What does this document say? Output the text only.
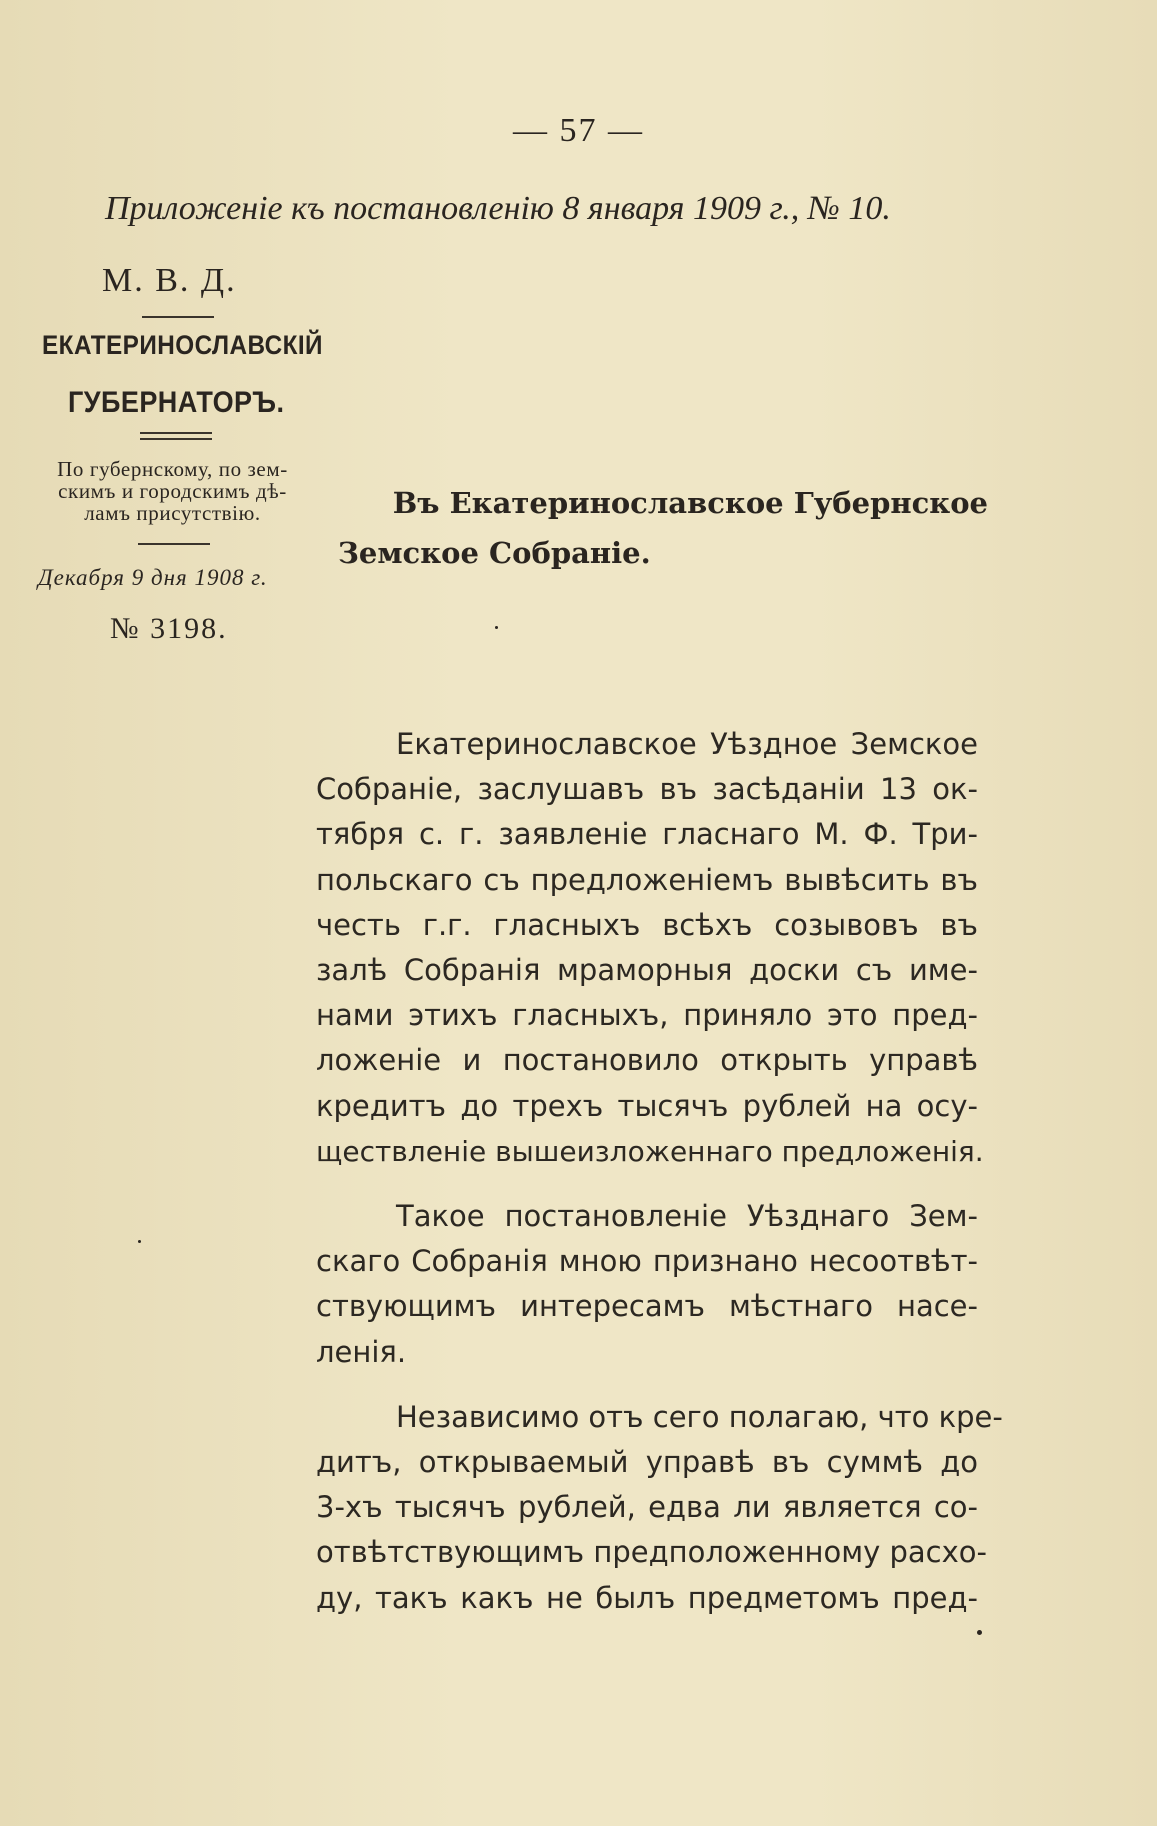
— 57 —
Приложеніе къ постановленію 8 января 1909 г., № 10.
М. В. Д.
ЕКАТЕРИНОСЛАВСКІЙ
ГУБЕРНАТОРЪ.
По губернскому, по зем-
скимъ и городскимъ дѣ-
ламъ присутствію.
Декабря 9 дня 1908 г.
№ 3198.
Въ Екатеринославское Губернское
Земское Собраніе.
Екатеринославское Уѣздное Земское
Собраніе, заслушавъ въ засѣданіи 13 ок-
тября с. г. заявленіе гласнаго М. Ф. Три-
польскаго съ предложеніемъ вывѣсить въ
честь г.г. гласныхъ всѣхъ созывовъ въ
залѣ Собранія мраморныя доски съ име-
нами этихъ гласныхъ, приняло это пред-
ложеніе и постановило открыть управѣ
кредитъ до трехъ тысячъ рублей на осу-
ществленіе вышеизложеннаго предложенія.
Такое постановленіе Уѣзднаго Зем-
скаго Собранія мною признано несоотвѣт-
ствующимъ интересамъ мѣстнаго насе-
ленія.
Независимо отъ сего полагаю, что кре-
дитъ, открываемый управѣ въ суммѣ до
3-хъ тысячъ рублей, едва ли является со-
отвѣтствующимъ предположенному расхо-
ду, такъ какъ не былъ предметомъ пред-
